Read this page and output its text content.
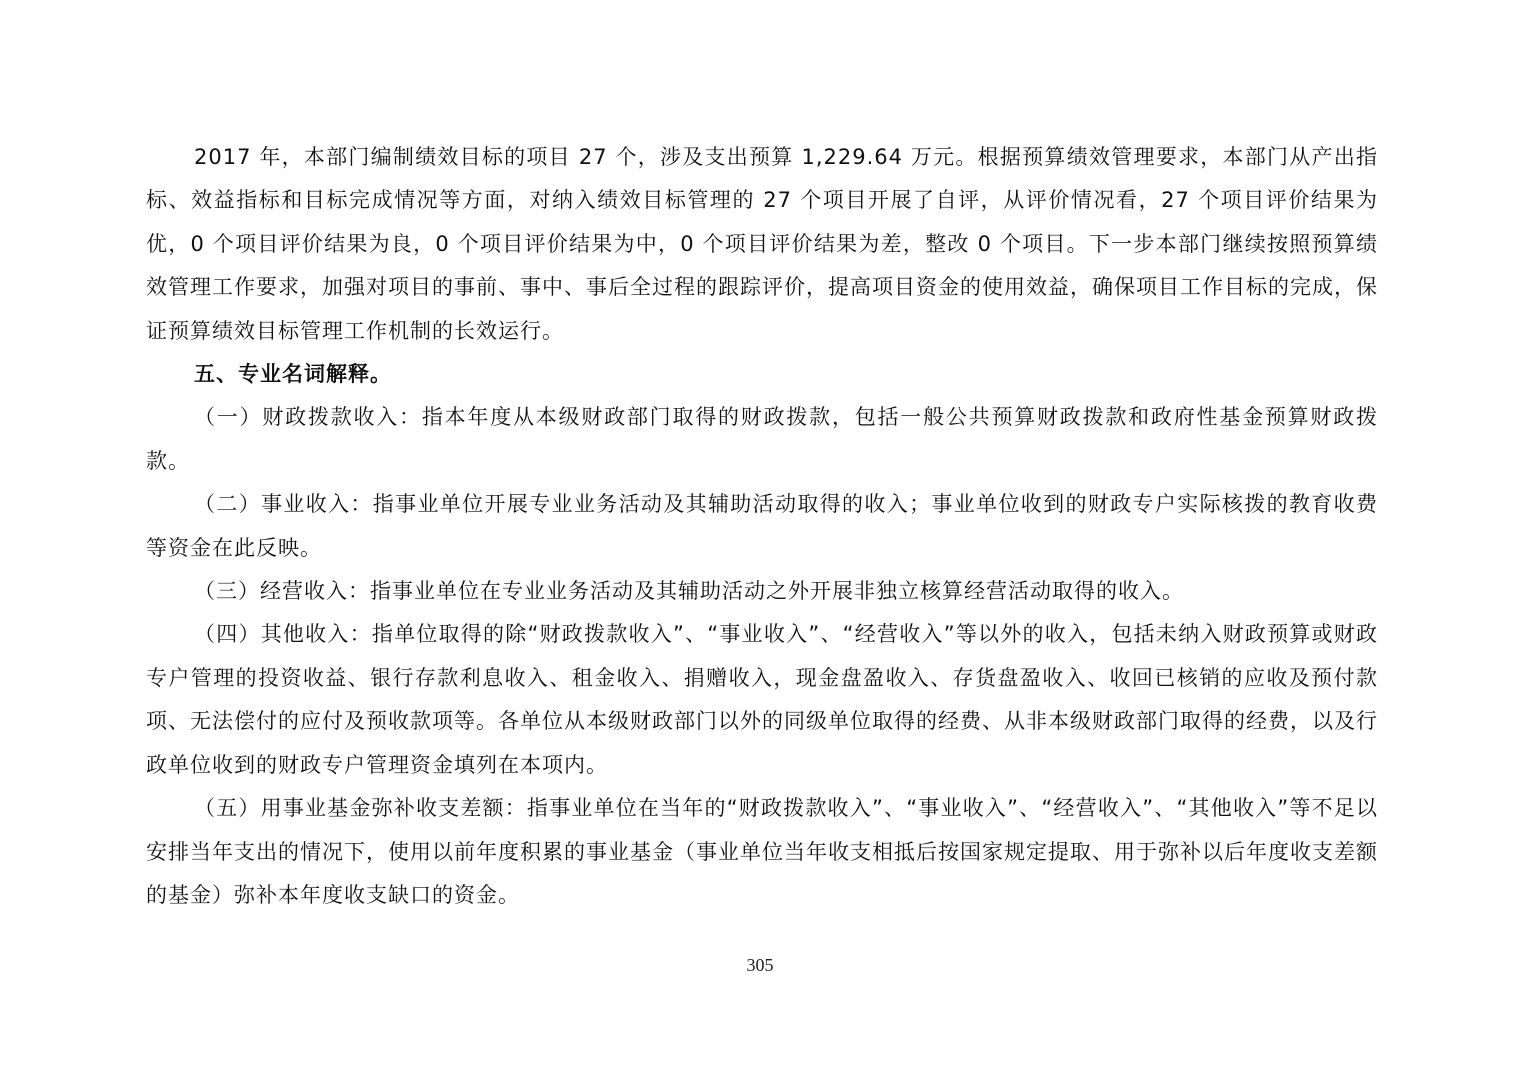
2017 年，本部门编制绩效目标的项目 27 个，涉及支出预算 1,229.64 万元。根据预算绩效管理要求，本部门从产出指标、效益指标和目标完成情况等方面，对纳入绩效目标管理的 27 个项目开展了自评，从评价情况看，27 个项目评价结果为优，0 个项目评价结果为良，0 个项目评价结果为中，0 个项目评价结果为差，整改 0 个项目。下一步本部门继续按照预算绩效管理工作要求，加强对项目的事前、事中、事后全过程的跟踪评价，提高项目资金的使用效益，确保项目工作目标的完成，保证预算绩效目标管理工作机制的长效运行。

五、专业名词解释。

（一）财政拨款收入：指本年度从本级财政部门取得的财政拨款，包括一般公共预算财政拨款和政府性基金预算财政拨款。

（二）事业收入：指事业单位开展专业业务活动及其辅助活动取得的收入；事业单位收到的财政专户实际核拨的教育收费等资金在此反映。

（三）经营收入：指事业单位在专业业务活动及其辅助活动之外开展非独立核算经营活动取得的收入。

（四）其他收入：指单位取得的除“财政拨款收入”、“事业收入”、“经营收入”等以外的收入，包括未纳入财政预算或财政专户管理的投资收益、银行存款利息收入、租金收入、捐赠收入，现金盘盈收入、存货盘盈收入、收回已核销的应收及预付款项、无法偿付的应付及预收款项等。各单位从本级财政部门以外的同级单位取得的经费、从非本级财政部门取得的经费，以及行政单位收到的财政专户管理资金填列在本项内。

（五）用事业基金弥补收支差额：指事业单位在当年的“财政拨款收入”、“事业收入”、“经营收入”、“其他收入”等不足以安排当年支出的情况下，使用以前年度积累的事业基金（事业单位当年收支相抵后按国家规定提取、用于弥补以后年度收支差额的基金）弥补本年度收支缺口的资金。

305
